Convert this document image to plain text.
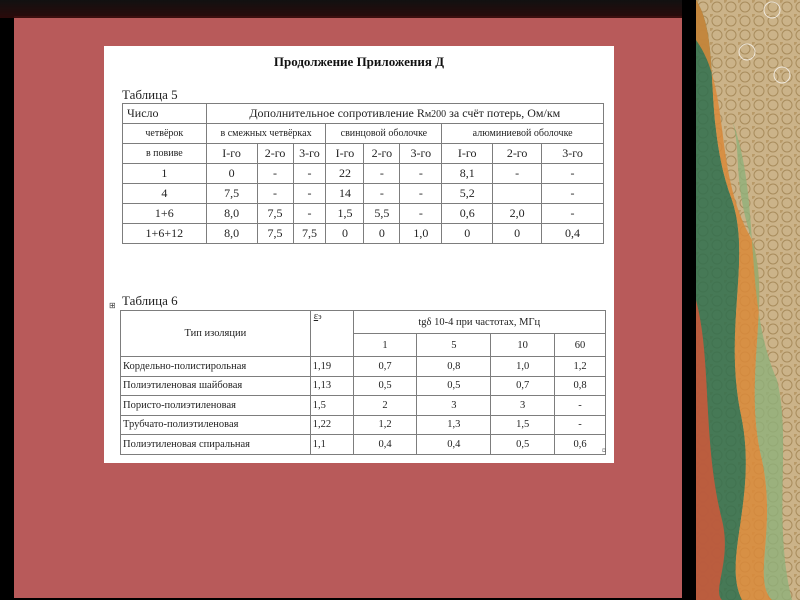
Продолжение Приложения Д
Таблица 5
Число	Дополнительное сопротивление Rм200 за счёт потерь, Ом/км								
четвёрок	в смежных четвёрках			свинцовой оболочке			алюминиевой оболочке		
в повиве	I-го	2-го	3-го	I-го	2-го	3-го	I-го	2-го	3-го
1	0	-	-	22	-	-	8,1	-	-
4	7,5	-	-	14	-	-	5,2		-
1+6	8,0	7,5	-	1,5	5,5	-	0,6	2,0	-
1+6+12	8,0	7,5	7,5	0	0	1,0	0	0	0,4
⊞ Таблица 6
Тип изоляции	εэ	tgδ 10-4 при частотах, МГц			
		1	5	10	60
Кордельно-полистирольная	1,19	0,7	0,8	1,0	1,2
Полиэтиленовая шайбовая	1,13	0,5	0,5	0,7	0,8
Пористо-полиэтиленовая	1,5	2	3	3	-
Трубчато-полиэтиленовая	1,22	1,2	1,3	1,5	-
Полиэтиленовая спиральная	1,1	0,4	0,4	0,5	0,6
¤
